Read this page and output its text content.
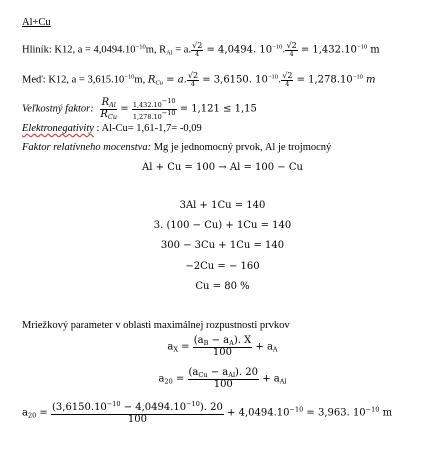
Al+Cu
Hliník: K12, $a = 4,0494.10^{-10}m$, $R_{Al} = a$. $\frac{√2}{4} = 4,0494$. $10^{-10}$. $\frac{√2}{4} = 1,432.10^{-10}$ m
Meď: K12, $a = 3,615.10^{-10}m$, $R_{Cu} = a$. $\frac{√2}{4} = 3,6150$. $10^{-10}$. $\frac{√2}{4} = 1,278.10^{-10}$ m
Veľkostný faktor: $\frac{R_{Al}}{R_{Cu}} = \frac{1,432.10-10}{1,278.10-10} = 1,121 \le 1,15$
Elektronegativity : Al-Cu= 1,61-1,7= -0,09
Faktor relatívneho mocenstva: Mg je jednomocný prvok, Al je trojmocný
Al + Cu = 100 → Al = 100 − Cu
3Al + 1Cu = 140
3. (100 − Cu) + 1Cu = 140
300 − 3Cu + 1Cu = 140
−2Cu = − 160
Cu = 80 %
Mriežkový parameter v oblasti maximálnej rozpustnosti prvkov
$a_X = \frac{(a_B - a_A). X}{100} + a_A$
$a_{20} = \frac{(a_{Cu} - a_{Al}). 20}{100} + a_{Al}$
$a_{20} = \frac{(3,6150.10^{-10} - 4,0494.10^{-10}). 20}{100} + 4,0494.10^{-10} = 3,963$. $10^{-10}$ m
